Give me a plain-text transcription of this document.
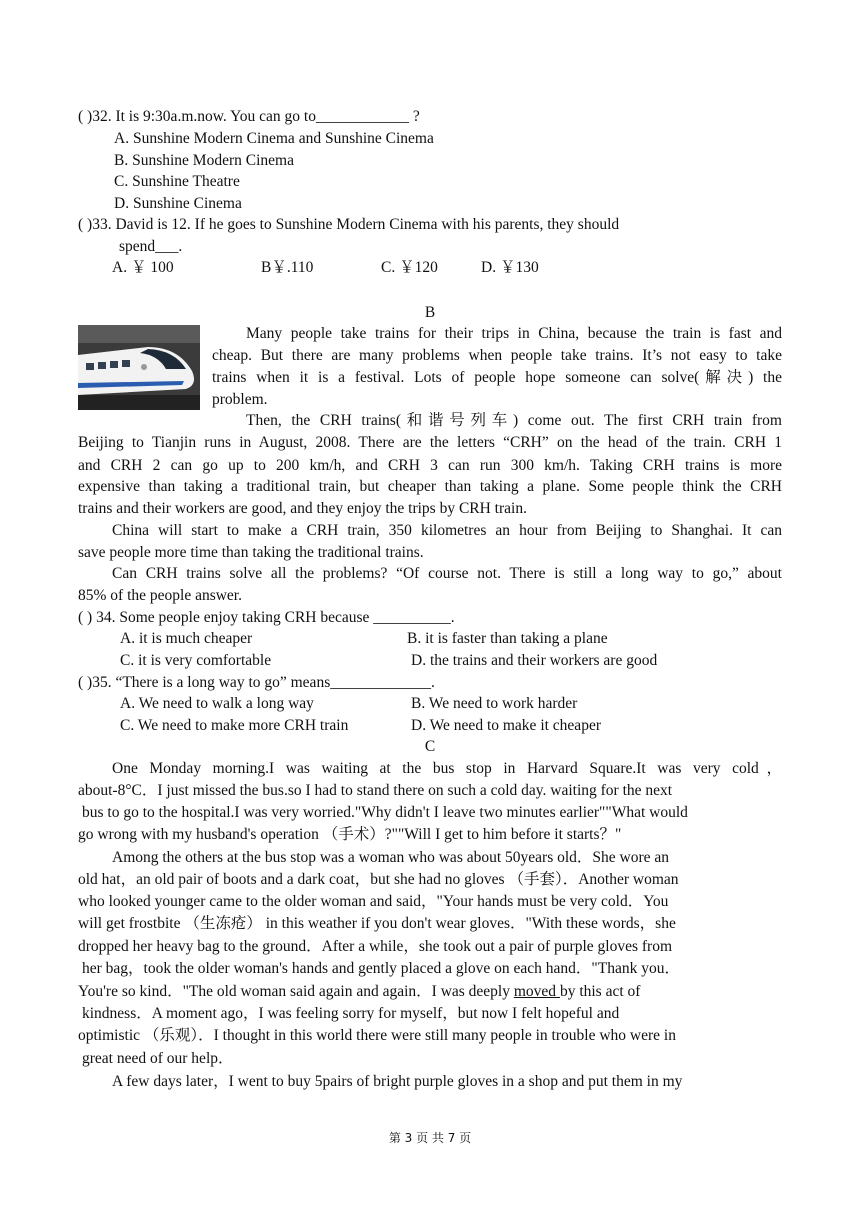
( )32. It is 9:30a.m.now. You can go to____________ ?
A. Sunshine Modern Cinema and Sunshine Cinema
B. Sunshine Modern Cinema
C. Sunshine Theatre
D. Sunshine Cinema
( )33. David is 12. If he goes to Sunshine Modern Cinema with his parents, they should
spend___.
A. ￥ 100	B￥.110	C. ￥120	D. ￥130
B
Many people take trains for their trips in China, because the train is fast and
cheap. But there are many problems when people take trains. It’s not easy to take
trains when it is a festival. Lots of people hope someone can solve(解决) the
problem.
Then, the CRH trains(和谐号列车) come out. The first CRH train from
Beijing to Tianjin runs in August, 2008. There are the letters “CRH” on the head of the train. CRH 1
and CRH 2 can go up to 200 km/h, and CRH 3 can run 300 km/h. Taking CRH trains is more
expensive than taking a traditional train, but cheaper than taking a plane. Some people think the CRH
trains and their workers are good, and they enjoy the trips by CRH train.
China will start to make a CRH train, 350 kilometres an hour from Beijing to Shanghai. It can
save people more time than taking the traditional trains.
Can CRH trains solve all the problems? “Of course not. There is still a long way to go,” about
85% of the people answer.
( ) 34. Some people enjoy taking CRH because __________.
A. it is much cheaper	B. it is faster than taking a plane
C. it is very comfortable	D. the trains and their workers are good
( )35. “There is a long way to go” means_____________.
A. We need to walk a long way	B. We need to work harder
C. We need to make more CRH train	D. We need to make it cheaper
C
One Monday morning.I was waiting at the bus stop in Harvard Square.It was very cold，
about-8°C．I just missed the bus.so I had to stand there on such a cold day. waiting for the next
bus to go to the hospital.I was very worried."Why didn't I leave two minutes earlier""What would
go wrong with my husband's operation （手术）?""Will I get to him before it starts？"
Among the others at the bus stop was a woman who was about 50years old．She wore an
old hat，an old pair of boots and a dark coat，but she had no gloves （手套）．Another woman
who looked younger came to the older woman and said，"Your hands must be very cold．You
will get frostbite （生冻疮） in this weather if you don't wear gloves．"With these words，she
dropped her heavy bag to the ground．After a while，she took out a pair of purple gloves from
her bag，took the older woman's hands and gently placed a glove on each hand．"Thank you．
You're so kind．"The old woman said again and again．I was deeply moved by this act of
kindness．A moment ago，I was feeling sorry for myself，but now I felt hopeful and
optimistic （乐观）．I thought in this world there were still many people in trouble who were in
great need of our help．
A few days later，I went to buy 5pairs of bright purple gloves in a shop and put them in my
第 3 页 共 7 页
